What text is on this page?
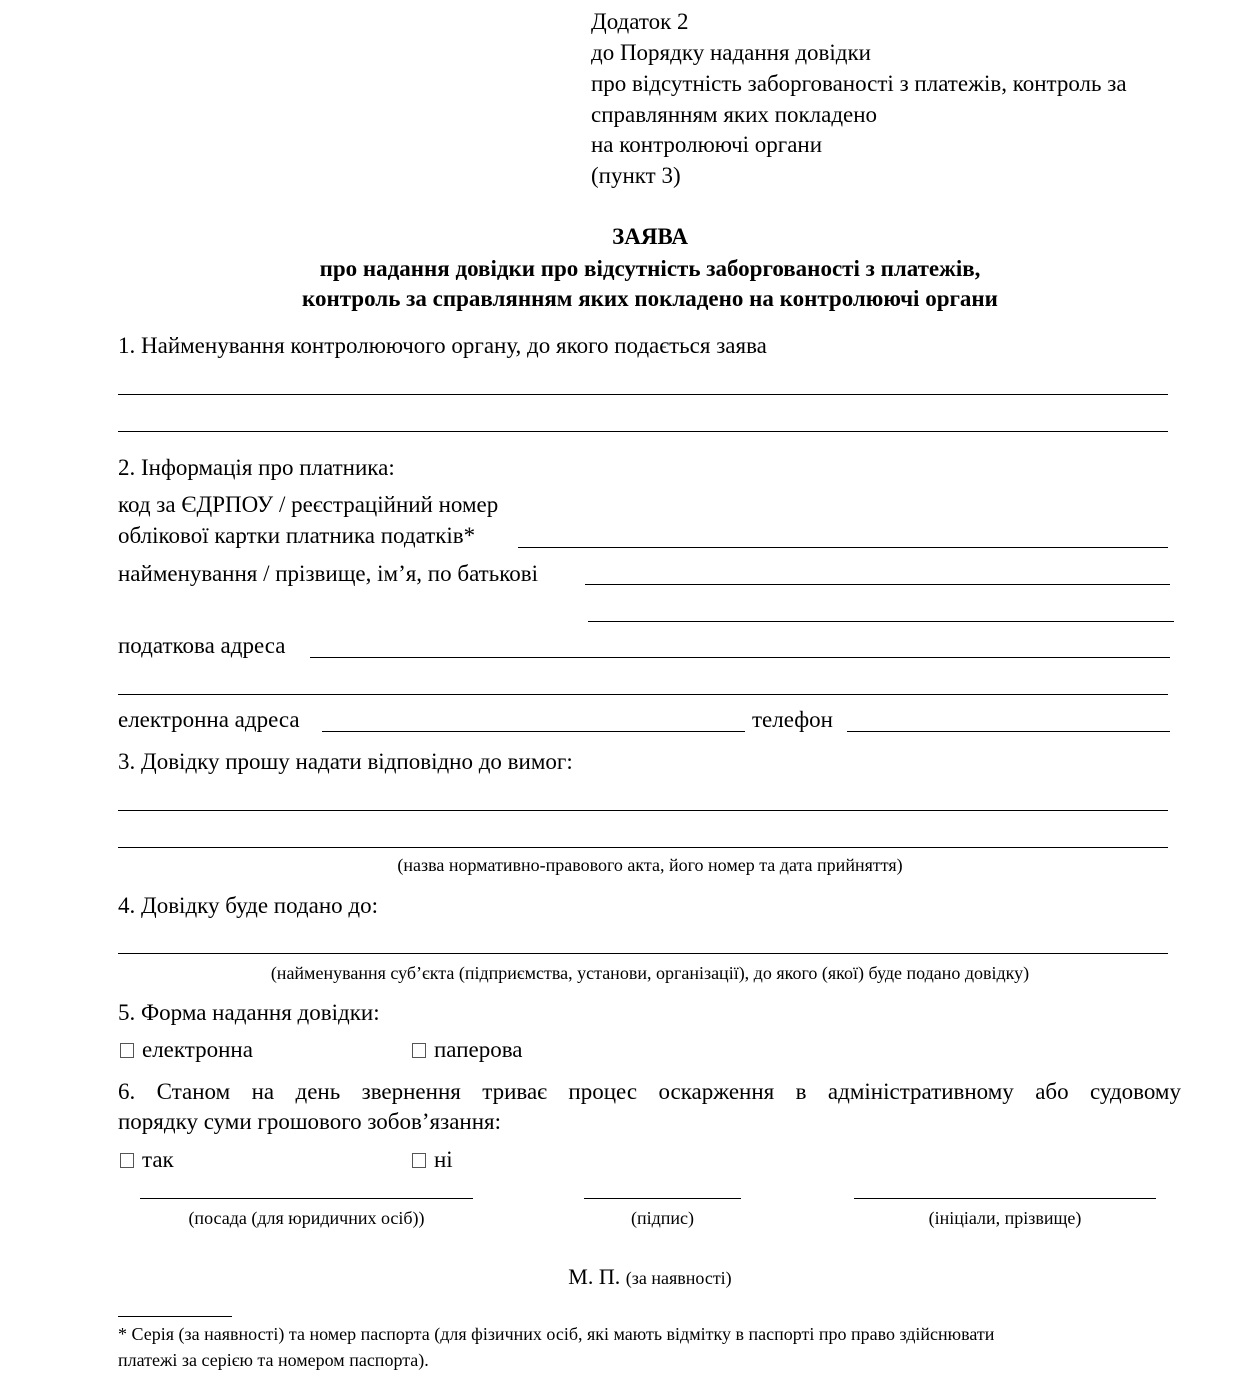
Додаток 2
до Порядку надання довідки
про відсутність заборгованості з платежів, контроль за
справлянням яких покладено
на контролюючі органи
(пункт 3)
ЗАЯВА
про надання довідки про відсутність заборгованості з платежів,
контроль за справлянням яких покладено на контролюючі органи
1. Найменування контролюючого органу, до якого подається заява
2. Інформація про платника:
код за ЄДРПОУ / реєстраційний номер
облікової картки платника податків*
найменування / прізвище, ім’я, по батькові
податкова адреса
електронна адреса	телефон
3. Довідку прошу надати відповідно до вимог:
(назва нормативно-правового акта, його номер та дата прийняття)
4. Довідку буде подано до:
(найменування суб’єкта (підприємства, установи, організації), до якого (якої) буде подано довідку)
5. Форма надання довідки:
електронна	паперова
6. Станом на день звернення триває процес оскарження в адміністративному або судовому
порядку суми грошового зобов’язання:
так	ні
(посада (для юридичних осіб))	(підпис)	(ініціали, прізвище)
М. П. (за наявності)
* Серія (за наявності) та номер паспорта (для фізичних осіб, які мають відмітку в паспорті про право здійснювати
платежі за серією та номером паспорта).
